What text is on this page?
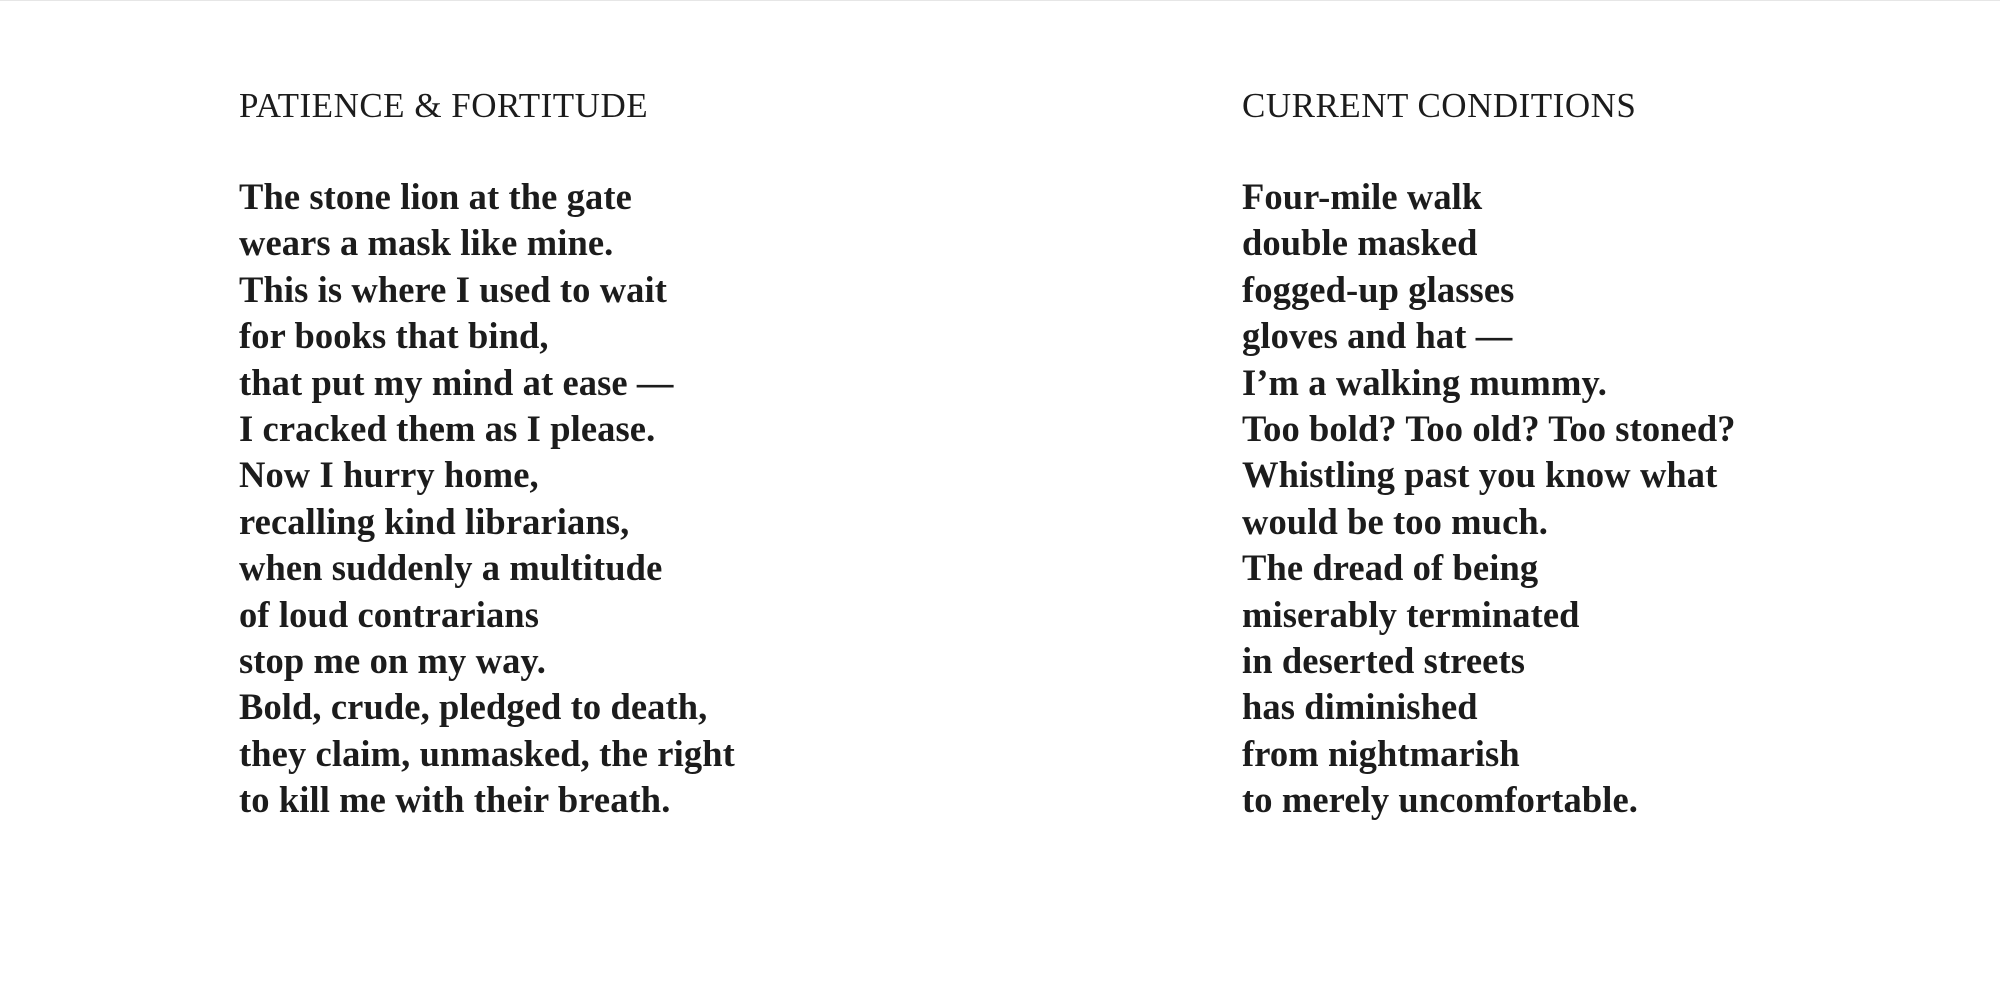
PATIENCE & FORTITUDE
The stone lion at the gate
wears a mask like mine.
This is where I used to wait
for books that bind,
that put my mind at ease —
I cracked them as I please.
Now I hurry home,
recalling kind librarians,
when suddenly a multitude
of loud contrarians
stop me on my way.
Bold, crude, pledged to death,
they claim, unmasked, the right
to kill me with their breath.
CURRENT CONDITIONS
Four-mile walk
double masked
fogged-up glasses
gloves and hat —
I’m a walking mummy.
Too bold? Too old? Too stoned?
Whistling past you know what
would be too much.
The dread of being
miserably terminated
in deserted streets
has diminished
from nightmarish
to merely uncomfortable.
